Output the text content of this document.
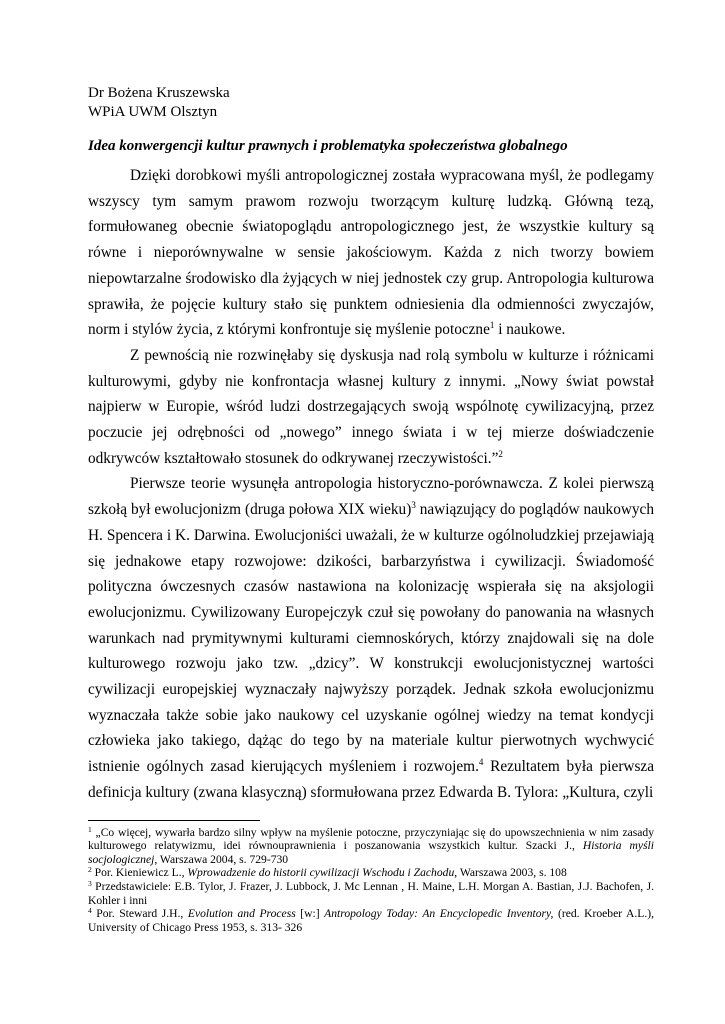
Dr Bożena Kruszewska
WPiA UWM Olsztyn
Idea konwergencji kultur prawnych i problematyka społeczeństwa globalnego

Dzięki dorobkowi myśli antropologicznej została wypracowana myśl, że podlegamy wszyscy tym samym prawom rozwoju tworzącym kulturę ludzką. Główną tezą, formułowaneg obecnie światopoglądu antropologicznego jest, że wszystkie kultury są równe i nieporównywalne w sensie jakościowym. Każda z nich tworzy bowiem niepowtarzalne środowisko dla żyjących w niej jednostek czy grup. Antropologia kulturowa sprawiła, że pojęcie kultury stało się punktem odniesienia dla odmienności zwyczajów, norm i stylów życia, z którymi konfrontuje się myślenie potoczne$^1$ i naukowe.

Z pewnością nie rozwinęłaby się dyskusja nad rolą symbolu w kulturze i różnicami kulturowymi, gdyby nie konfrontacja własnej kultury z innymi. „Nowy świat powstał najpierw w Europie, wśród ludzi dostrzegających swoją wspólnotę cywilizacyjną, przez poczucie jej odrębności od „nowego” innego świata i w tej mierze doświadczenie odkrywców kształtowało stosunek do odkrywanej rzeczywistości.”$^2$

Pierwsze teorie wysunęła antropologia historyczno-porównawcza. Z kolei pierwszą szkołą był ewolucjonizm (druga połowa XIX wieku)$^3$ nawiązujący do poglądów naukowych H. Spencera i K. Darwina. Ewolucjoniści uważali, że w kulturze ogólnoludzkiej przejawiają się jednakowe etapy rozwojowe: dzikości, barbarzyństwa i cywilizacji. Świadomość polityczna ówczesnych czasów nastawiona na kolonizację wspierała się na aksjologii ewolucjonizmu. Cywilizowany Europejczyk czuł się powołany do panowania na własnych warunkach nad prymitywnymi kulturami ciemnoskórych, którzy znajdowali się na dole kulturowego rozwoju jako tzw. „dzicy”. W konstrukcji ewolucjonistycznej wartości cywilizacji europejskiej wyznaczały najwyższy porządek. Jednak szkoła ewolucjonizmu wyznaczała także sobie jako naukowy cel uzyskanie ogólnej wiedzy na temat kondycji człowieka jako takiego, dążąc do tego by na materiale kultur pierwotnych wychwycić istnienie ogólnych zasad kierujących myśleniem i rozwojem.$^4$ Rezultatem była pierwsza definicja kultury (zwana klasyczną) sformułowana przez Edwarda B. Tylora: „Kultura, czyli

$^1$ „Co więcej, wywarła bardzo silny wpływ na myślenie potoczne, przyczyniając się do upowszechnienia w nim zasady kulturowego relatywizmu, idei równouprawnienia i poszanowania wszystkich kultur. Szacki J., Historia myśli socjologicznej, Warszawa 2004, s. 729-730

$^2$ Por. Kieniewicz L., Wprowadzenie do historii cywilizacji Wschodu i Zachodu, Warszawa 2003, s. 108

$^3$ Przedstawiciele: E.B. Tylor, J. Frazer, J. Lubbock, J. Mc Lennan , H. Maine, L.H. Morgan A. Bastian, J.J. Bachofen, J. Kohler i inni

$^4$ Por. Steward J.H., Evolution and Process [w:] Antropology Today: An Encyclopedic Inventory, (red. Kroeber A.L.), University of Chicago Press 1953, s. 313- 326
